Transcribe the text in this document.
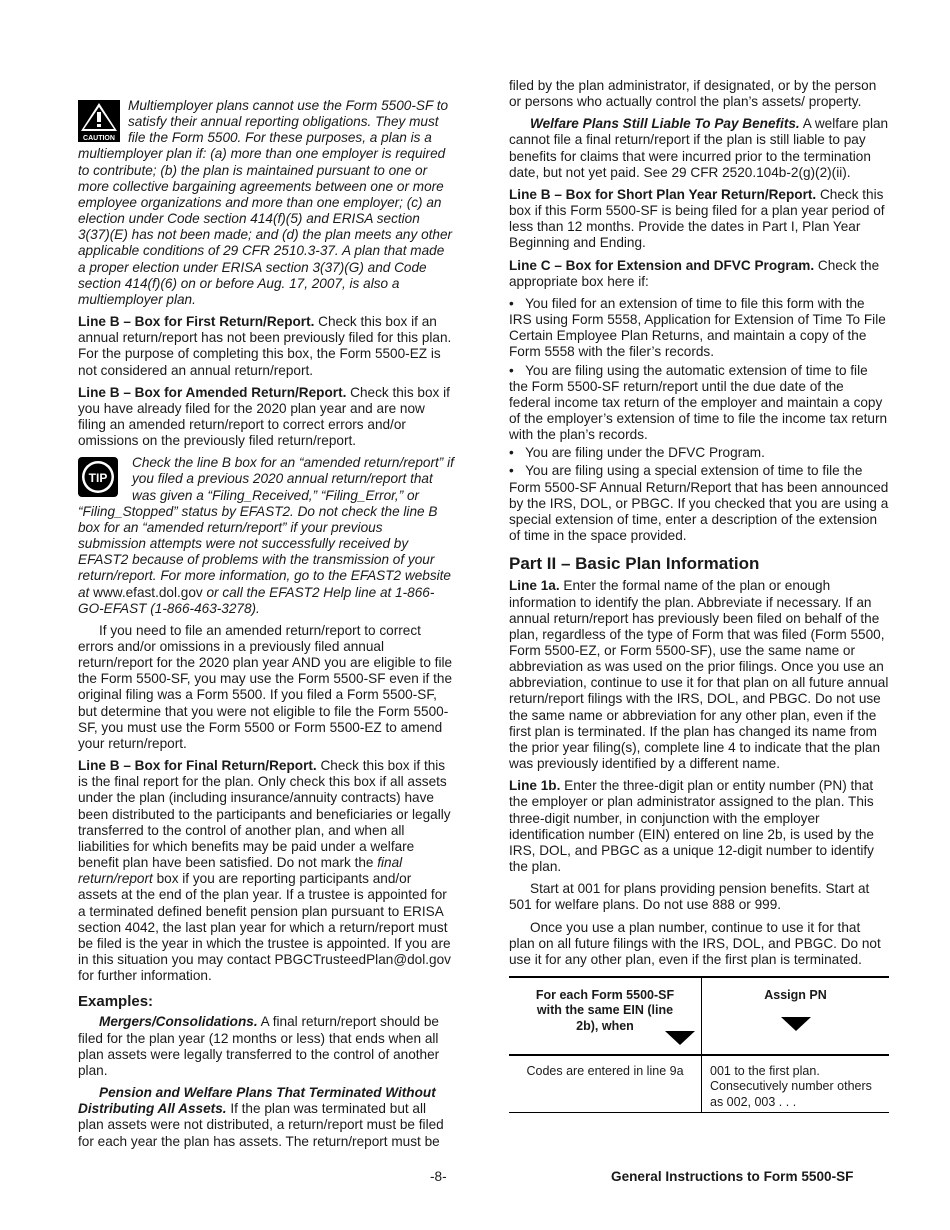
CAUTION

Multiemployer plans cannot use the Form 5500-SF to satisfy their annual reporting obligations. They must file the Form 5500. For these purposes, a plan is a multiemployer plan if: (a) more than one employer is required to contribute; (b) the plan is maintained pursuant to one or more collective bargaining agreements between one or more employee organizations and more than one employer; (c) an election under Code section 414(f)(5) and ERISA section 3(37)(E) has not been made; and (d) the plan meets any other applicable conditions of 29 CFR 2510.3-37. A plan that made a proper election under ERISA section 3(37)(G) and Code section 414(f)(6) on or before Aug. 17, 2007, is also a multiemployer plan.

Line B – Box for First Return/Report. Check this box if an annual return/report has not been previously filed for this plan. For the purpose of completing this box, the Form 5500-EZ is not considered an annual return/report.

Line B – Box for Amended Return/Report. Check this box if you have already filed for the 2020 plan year and are now filing an amended return/report to correct errors and/or omissions on the previously filed return/report.

TIP

Check the line B box for an “amended return/report” if you filed a previous 2020 annual return/report that was given a “Filing_Received,” “Filing_Error,” or “Filing_Stopped” status by EFAST2. Do not check the line B box for an “amended return/report” if your previous submission attempts were not successfully received by EFAST2 because of problems with the transmission of your return/report. For more information, go to the EFAST2 website at www.efast.dol.gov or call the EFAST2 Help line at 1-866-GO-EFAST (1-866-463-3278).

If you need to file an amended return/report to correct errors and/or omissions in a previously filed annual return/report for the 2020 plan year AND you are eligible to file the Form 5500-SF, you may use the Form 5500-SF even if the original filing was a Form 5500. If you filed a Form 5500-SF, but determine that you were not eligible to file the Form 5500-SF, you must use the Form 5500 or Form 5500-EZ to amend your return/report.

Line B – Box for Final Return/Report. Check this box if this is the final report for the plan. Only check this box if all assets under the plan (including insurance/annuity contracts) have been distributed to the participants and beneficiaries or legally transferred to the control of another plan, and when all liabilities for which benefits may be paid under a welfare benefit plan have been satisfied. Do not mark the final return/report box if you are reporting participants and/or assets at the end of the plan year. If a trustee is appointed for a terminated defined benefit pension plan pursuant to ERISA section 4042, the last plan year for which a return/report must be filed is the year in which the trustee is appointed. If you are in this situation you may contact PBGCTrusteedPlan@dol.gov for further information.

Examples:

Mergers/Consolidations. A final return/report should be filed for the plan year (12 months or less) that ends when all plan assets were legally transferred to the control of another plan.

Pension and Welfare Plans That Terminated Without Distributing All Assets. If the plan was terminated but all plan assets were not distributed, a return/report must be filed for each year the plan has assets. The return/report must be

filed by the plan administrator, if designated, or by the person or persons who actually control the plan’s assets/ property.

Welfare Plans Still Liable To Pay Benefits. A welfare plan cannot file a final return/report if the plan is still liable to pay benefits for claims that were incurred prior to the termination date, but not yet paid. See 29 CFR 2520.104b-2(g)(2)(ii).

Line B – Box for Short Plan Year Return/Report. Check this box if this Form 5500-SF is being filed for a plan year period of less than 12 months. Provide the dates in Part I, Plan Year Beginning and Ending.

Line C – Box for Extension and DFVC Program. Check the appropriate box here if:

•   You filed for an extension of time to file this form with the IRS using Form 5558, Application for Extension of Time To File Certain Employee Plan Returns, and maintain a copy of the Form 5558 with the filer’s records.

•   You are filing using the automatic extension of time to file the Form 5500-SF return/report until the due date of the federal income tax return of the employer and maintain a copy of the employer’s extension of time to file the income tax return with the plan’s records.

•   You are filing under the DFVC Program.

•   You are filing using a special extension of time to file the Form 5500-SF Annual Return/Report that has been announced by the IRS, DOL, or PBGC. If you checked that you are using a special extension of time, enter a description of the extension of time in the space provided.

Part II – Basic Plan Information

Line 1a. Enter the formal name of the plan or enough information to identify the plan. Abbreviate if necessary. If an annual return/report has previously been filed on behalf of the plan, regardless of the type of Form that was filed (Form 5500, Form 5500-EZ, or Form 5500-SF), use the same name or abbreviation as was used on the prior filings. Once you use an abbreviation, continue to use it for that plan on all future annual return/report filings with the IRS, DOL, and PBGC. Do not use the same name or abbreviation for any other plan, even if the first plan is terminated. If the plan has changed its name from the prior year filing(s), complete line 4 to indicate that the plan was previously identified by a different name.

Line 1b. Enter the three-digit plan or entity number (PN) that the employer or plan administrator assigned to the plan. This three-digit number, in conjunction with the employer identification number (EIN) entered on line 2b, is used by the IRS, DOL, and PBGC as a unique 12-digit number to identify the plan.

Start at 001 for plans providing pension benefits. Start at 501 for welfare plans. Do not use 888 or 999.

Once you use a plan number, continue to use it for that plan on all future filings with the IRS, DOL, and PBGC. Do not use it for any other plan, even if the first plan is terminated.

For each Form 5500-SF with the same EIN (line 2b), when	Assign PN

Codes are entered in line 9a	001 to the first plan. Consecutively number others as 002, 003 . . .
-8-	General Instructions to Form 5500-SF
